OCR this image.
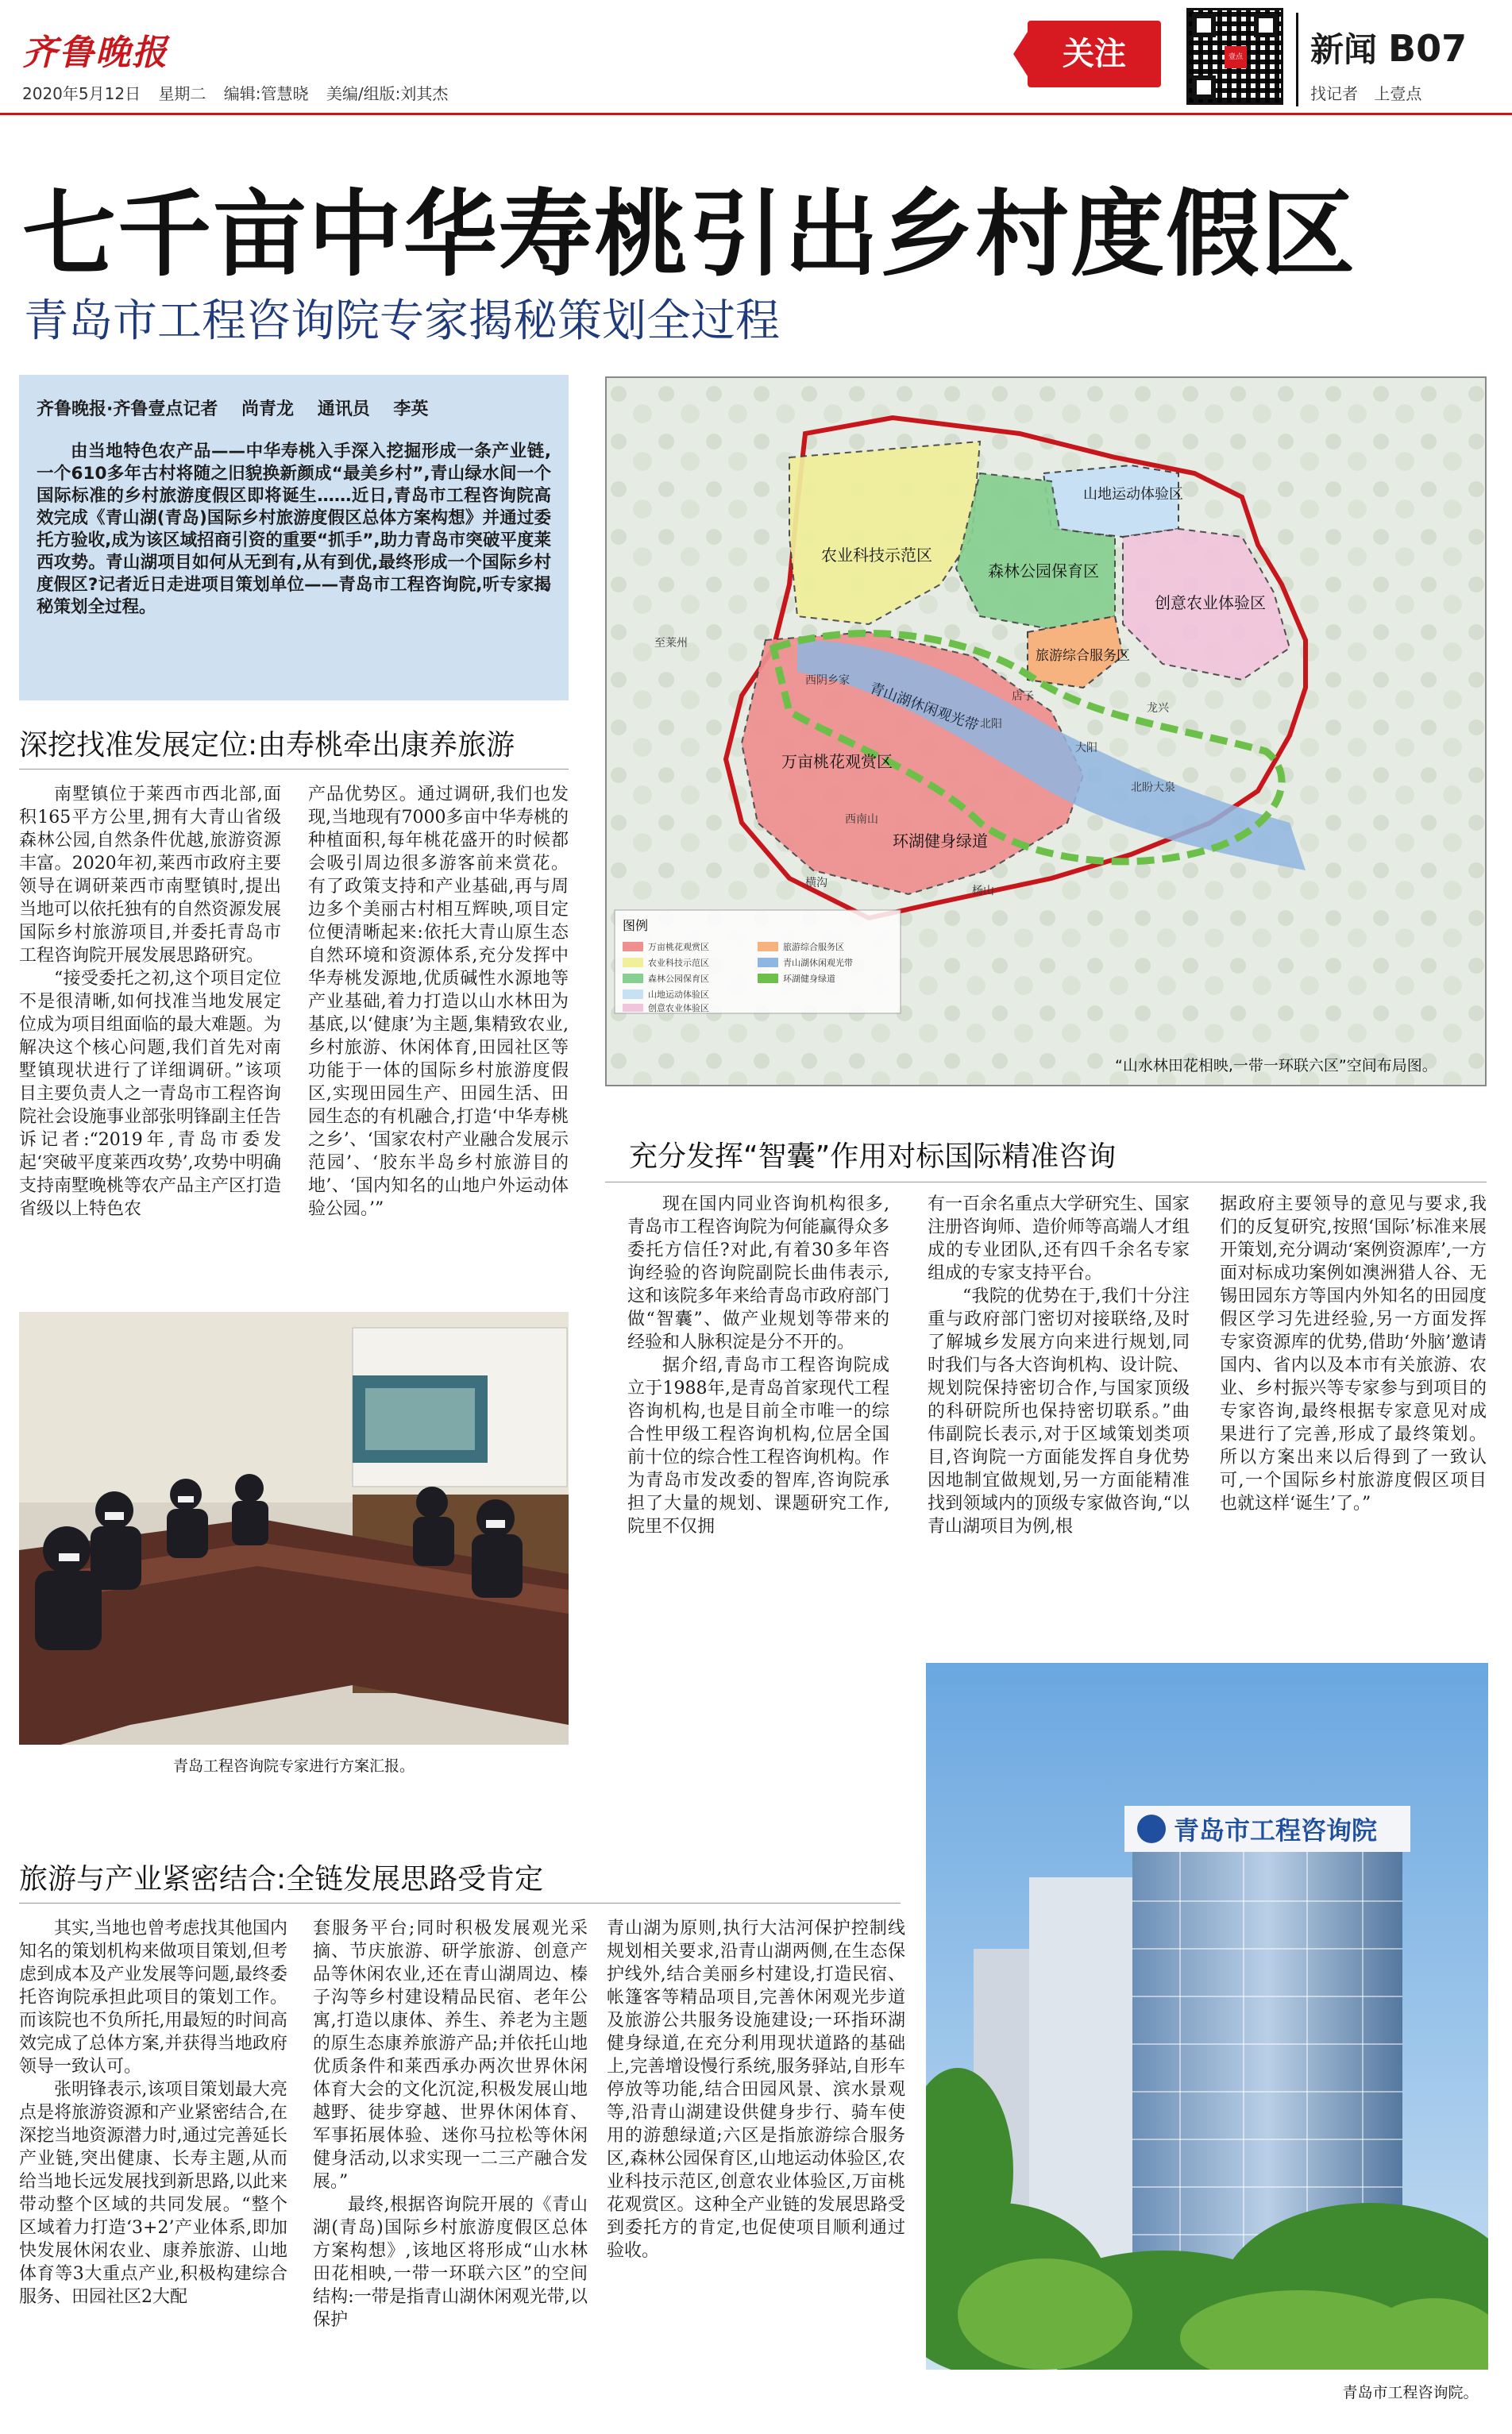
齐鲁晚报
2020年5月12日 星期二 编辑:管慧晓 美编/组版:刘其杰
关注	壹点 新闻 B07
找记者 上壹点
七千亩中华寿桃引出乡村度假区
青岛市工程咨询院专家揭秘策划全过程
齐鲁晚报·齐鲁壹点记者 尚青龙 通讯员 李英
由当地特色农产品——中华寿桃入手深入挖掘形成一条产业链,一个610多年古村将随之旧貌换新颜成“最美乡村”,青山绿水间一个国际标准的乡村旅游度假区即将诞生……近日,青岛市工程咨询院高效完成《青山湖(青岛)国际乡村旅游度假区总体方案构想》并通过委托方验收,成为该区域招商引资的重要“抓手”,助力青岛市突破平度莱西攻势。青山湖项目如何从无到有,从有到优,最终形成一个国际乡村度假区?记者近日走进项目策划单位——青岛市工程咨询院,听专家揭秘策划全过程。
深挖找准发展定位:由寿桃牵出康养旅游

南墅镇位于莱西市西北部,面积165平方公里,拥有大青山省级森林公园,自然条件优越,旅游资源丰富。2020年初,莱西市政府主要领导在调研莱西市南墅镇时,提出当地可以依托独有的自然资源发展国际乡村旅游项目,并委托青岛市工程咨询院开展发展思路研究。

“接受委托之初,这个项目定位不是很清晰,如何找准当地发展定位成为项目组面临的最大难题。为解决这个核心问题,我们首先对南墅镇现状进行了详细调研。”该项目主要负责人之一青岛市工程咨询院社会设施事业部张明锋副主任告诉记者:“2019年,青岛市委发起‘突破平度莱西攻势’,攻势中明确支持南墅晚桃等农产品主产区打造省级以上特色农

产品优势区。通过调研,我们也发现,当地现有7000多亩中华寿桃的种植面积,每年桃花盛开的时候都会吸引周边很多游客前来赏花。有了政策支持和产业基础,再与周边多个美丽古村相互辉映,项目定位便清晰起来:依托大青山原生态自然环境和资源体系,充分发挥中华寿桃发源地,优质碱性水源地等产业基础,着力打造以山水林田为基底,以‘健康’为主题,集精致农业,乡村旅游、休闲体育,田园社区等功能于一体的国际乡村旅游度假区,实现田园生产、田园生活、田园生态的有机融合,打造‘中华寿桃之乡’、‘国家农村产业融合发展示范园’、‘胶东半岛乡村旅游目的地’、‘国内知名的山地户外运动体验公园。’”

农业科技示范区
山地运动体验区
森林公园保育区
创意农业体验区
旅游综合服务区
万亩桃花观赏区
环湖健身绿道
青山湖休闲观光带
至莱州
西阴乡家
北阳
龙兴
北盼大泉
店子
大阳
西南山
横沟
杨山
图例
万亩桃花观赏区	旅游综合服务区
农业科技示范区	青山湖休闲观光带
森林公园保育区	环湖健身绿道
山地运动体验区
创意农业体验区
“山水林田花相映,一带一环联六区”空间布局图。
充分发挥“智囊”作用对标国际精准咨询

现在国内同业咨询机构很多,青岛市工程咨询院为何能赢得众多委托方信任?对此,有着30多年咨询经验的咨询院副院长曲伟表示,这和该院多年来给青岛市政府部门做“智囊”、做产业规划等带来的经验和人脉积淀是分不开的。

据介绍,青岛市工程咨询院成立于1988年,是青岛首家现代工程咨询机构,也是目前全市唯一的综合性甲级工程咨询机构,位居全国前十位的综合性工程咨询机构。作为青岛市发改委的智库,咨询院承担了大量的规划、课题研究工作,院里不仅拥

有一百余名重点大学研究生、国家注册咨询师、造价师等高端人才组成的专业团队,还有四千余名专家组成的专家支持平台。

“我院的优势在于,我们十分注重与政府部门密切对接联络,及时了解城乡发展方向来进行规划,同时我们与各大咨询机构、设计院、规划院保持密切合作,与国家顶级的科研院所也保持密切联系。”曲伟副院长表示,对于区域策划类项目,咨询院一方面能发挥自身优势因地制宜做规划,另一方面能精准找到领域内的顶级专家做咨询,“以青山湖项目为例,根

据政府主要领导的意见与要求,我们的反复研究,按照‘国际’标准来展开策划,充分调动‘案例资源库’,一方面对标成功案例如澳洲猎人谷、无锡田园东方等国内外知名的田园度假区学习先进经验,另一方面发挥专家资源库的优势,借助‘外脑’邀请国内、省内以及本市有关旅游、农业、乡村振兴等专家参与到项目的专家咨询,最终根据专家意见对成果进行了完善,形成了最终策划。所以方案出来以后得到了一致认可,一个国际乡村旅游度假区项目也就这样‘诞生’了。”

青岛工程咨询院专家进行方案汇报。
旅游与产业紧密结合:全链发展思路受肯定

其实,当地也曾考虑找其他国内知名的策划机构来做项目策划,但考虑到成本及产业发展等问题,最终委托咨询院承担此项目的策划工作。而该院也不负所托,用最短的时间高效完成了总体方案,并获得当地政府领导一致认可。

张明锋表示,该项目策划最大亮点是将旅游资源和产业紧密结合,在深挖当地资源潜力时,通过完善延长产业链,突出健康、长寿主题,从而给当地长远发展找到新思路,以此来带动整个区域的共同发展。“整个区域着力打造‘3+2’产业体系,即加快发展休闲农业、康养旅游、山地体育等3大重点产业,积极构建综合服务、田园社区2大配

套服务平台;同时积极发展观光采摘、节庆旅游、研学旅游、创意产品等休闲农业,还在青山湖周边、榛子沟等乡村建设精品民宿、老年公寓,打造以康体、养生、养老为主题的原生态康养旅游产品;并依托山地优质条件和莱西承办两次世界休闲体育大会的文化沉淀,积极发展山地越野、徒步穿越、世界休闲体育、军事拓展体验、迷你马拉松等休闲健身活动,以求实现一二三产融合发展。”

最终,根据咨询院开展的《青山湖(青岛)国际乡村旅游度假区总体方案构想》,该地区将形成“山水林田花相映,一带一环联六区”的空间结构:一带是指青山湖休闲观光带,以保护

青山湖为原则,执行大沽河保护控制线规划相关要求,沿青山湖两侧,在生态保护线外,结合美丽乡村建设,打造民宿、帐篷客等精品项目,完善休闲观光步道及旅游公共服务设施建设;一环指环湖健身绿道,在充分利用现状道路的基础上,完善增设慢行系统,服务驿站,自形车停放等功能,结合田园风景、滨水景观等,沿青山湖建设供健身步行、骑车使用的游憩绿道;六区是指旅游综合服务区,森林公园保育区,山地运动体验区,农业科技示范区,创意农业体验区,万亩桃花观赏区。这种全产业链的发展思路受到委托方的肯定,也促使项目顺利通过验收。

青岛市工程咨询院
青岛市工程咨询院。
